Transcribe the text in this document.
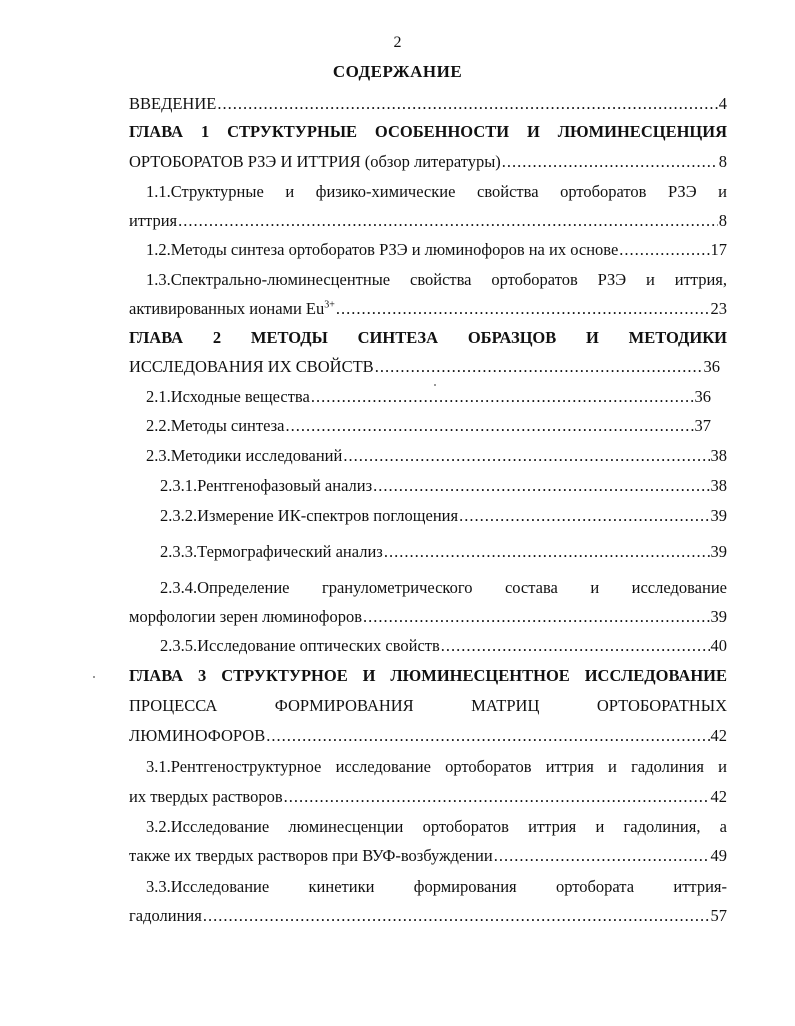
2
СОДЕРЖАНИЕ
ВВЕДЕНИЕ .....	4
ГЛАВА 1 СТРУКТУРНЫЕ ОСОБЕННОСТИ И ЛЮМИНЕСЦЕНЦИЯ
ОРТОБОРАТОВ РЗЭ И ИТТРИЯ (обзор литературы) .....	8
1.1.Структурные и физико-химические свойства ортоборатов РЗЭ и
иттрия .....	8
1.2.Методы синтеза ортоборатов РЗЭ и люминофоров на их основе .....	17
1.3.Спектрально-люминесцентные свойства ортоборатов РЗЭ и иттрия,
активированных ионами $Eu^{3+}$ .....	23
ГЛАВА 2 МЕТОДЫ СИНТЕЗА ОБРАЗЦОВ И МЕТОДИКИ
ИССЛЕДОВАНИЯ ИХ СВОЙСТВ .....	36
2.1.Исходные вещества .....	36
2.2.Методы синтеза .....	37
2.3.Методики исследований .....	38
2.3.1.Рентгенофазовый анализ .....	38
2.3.2.Измерение ИК-спектров поглощения .....	39
2.3.3.Термографический анализ .....	39
2.3.4.Определение гранулометрического состава и исследование
морфологии зерен люминофоров .....	39
2.3.5.Исследование оптических свойств .....	40
ГЛАВА 3 СТРУКТУРНОЕ И ЛЮМИНЕСЦЕНТНОЕ ИССЛЕДОВАНИЕ
ПРОЦЕССА ФОРМИРОВАНИЯ МАТРИЦ ОРТОБОРАТНЫХ
ЛЮМИНОФОРОВ .....	42
3.1.Рентгеноструктурное исследование ортоборатов иттрия и гадолиния и
их твердых растворов .....	42
3.2.Исследование люминесценции ортоборатов иттрия и гадолиния, а
также их твердых растворов при ВУФ-возбуждении .....	49
3.3.Исследование кинетики формирования ортобората иттрия-
гадолиния .....	57
